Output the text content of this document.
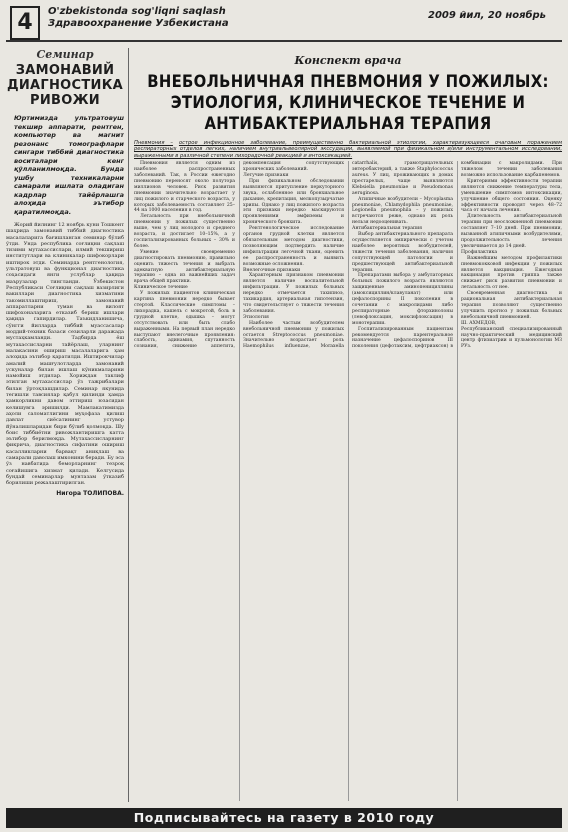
4	O'zbekistonda sog'liqni saqlash
Здравоохранение Узбекистана
2009 йил, 20 ноябрь
Семинар
ЗАМОНАВИЙ ДИАГНОСТИКА РИВОЖИ

Юртимизда ультратовуш текшир аппарати, рентген, компьютер ва магнит резонанс томографлари сингари тиббий диагностика воситалари кенг қўлланилмоқда. Бунда ушбу техникаларни самарали ишлата оладиган кадрлар тайёрлашга алоҳида эътибор қаратилмоқда.

Жорий йилнинг 12 ноябрь куни Тошкент шаҳрида замонавий тиббий диагностика масалаларига бағишланган семинар бўлиб ўтди. Унда республика соғлиқни сақлаш тизими мутахассислари, илмий текшириш институтлари ва клиникалар шифокорлари иштирок этди. Семинарда рентгенология, ультратовуш ва функционал диагностика соҳасидаги янги услублар ҳақида маърузалар тингланди. Ўзбекистон Республикаси Соғлиқни сақлаш вазирлиги вакиллари диагностика хизматини такомиллаштириш, замонавий аппаратларни туман ва вилоят шифохоналарига етказиб бериш ишлари ҳақида гапирдилар. Таъкидланишича, сўнгги йилларда тиббий муассасалар моддий-техник базаси сезиларли даражада мустаҳкамланди. Тадбирда ёш мутахассисларни тайёрлаш, уларнинг малакасини ошириш масалаларига ҳам алоҳида эътибор қаратилди. Иштирокчилар амалий машғулотларда замонавий ускуналар билан ишлаш кўникмаларини намойиш этдилар. Хориждан таклиф этилган мутахассислар ўз тажрибалари билан ўртоқлашдилар. Семинар якунида тегишли тавсиялар қабул қилинди ҳамда ҳамкорликни давом эттириш юзасидан келишувга эришилди. Мамлакатимизда аҳоли саломатлигини муҳофаза қилиш давлат сиёсатининг устувор йўналишларидан бири бўлиб қолмоқда. Шу боис тиббиётни ривожлантиришга катта эътибор берилмоқда. Мутахассисларнинг фикрича, диагностика сифатини ошириш касалликларни барвақт аниқлаш ва самарали даволаш имконини беради. Бу эса ўз навбатида беморларнинг тезроқ соғайишига хизмат қилади. Келгусида бундай семинарлар мунтазам ўтказиб борилиши режалаштирилган.

Нигора ТОЛИПОВА.
Конспект врача
ВНЕБОЛЬНИЧНАЯ ПНЕВМОНИЯ У ПОЖИЛЫХ: ЭТИОЛОГИЯ, КЛИНИЧЕСКОЕ ТЕЧЕНИЕ И АНТИБАКТЕРИАЛЬНАЯ ТЕРАПИЯ

Пневмония – острое инфекционное заболевание, преимущественно бактериальной этиологии, характеризующееся очаговым поражением респираторных отделов легких, наличием внутриальвеолярной экссудации, выявляемой при физикальном и/или инструментальном исследовании, выраженными в различной степени лихорадочной реакцией и интоксикацией.

Пневмония является одним из наиболее распространенных заболеваний. Так, в России ежегодно пневмонию переносят около полутора миллионов человек. Риск развития пневмонии значительно возрастает у лиц пожилого и старческого возраста, у которых заболеваемость составляет 25–44 на 1000 населения в год.

Летальность при внебольничной пневмонии у пожилых существенно выше, чем у лиц молодого и среднего возраста, и достигает 10–15%, а у госпитализированных больных – 30% и более.

Умение своевременно диагностировать пневмонию, правильно оценить тяжесть течения и выбрать адекватную антибактериальную терапию – одна из важнейших задач врача общей практики.

Клиническое течение

У пожилых пациентов клиническая картина пневмонии нередко бывает стертой. Классические симптомы – лихорадка, кашель с мокротой, боль в грудной клетке, одышка – могут отсутствовать или быть слабо выраженными. На первый план нередко выступают внелегочные проявления: слабость, адинамия, спутанность сознания, снижение аппетита, декомпенсация сопутствующих хронических заболеваний.

Летучие признаки

При физикальном обследовании выявляются притупление перкуторного звука, ослабленное или бронхиальное дыхание, крепитация, мелкопузырчатые хрипы. Однако у лиц пожилого возраста эти признаки нередко маскируются проявлениями эмфиземы и хронического бронхита.

Рентгенологическое исследование органов грудной клетки является обязательным методом диагностики, позволяющим подтвердить наличие инфильтрации легочной ткани, оценить ее распространенность и выявить возможные осложнения.

Внелегочные признаки

Характерным признаком пневмонии является наличие воспалительной инфильтрации. У пожилых больных нередко отмечается тахипноэ, тахикардия, артериальная гипотензия, что свидетельствует о тяжести течения заболевания.

Этиология

Наиболее частым возбудителем внебольничной пневмонии у пожилых остается Streptococcus pneumoniae. Значительно возрастает роль Haemophilus influenzae, Moraxella catarrhalis, грамотрицательных энтеробактерий, а также Staphylococcus aureus. У лиц, проживающих в домах престарелых, чаще выявляются Klebsiella pneumoniae и Pseudomonas aeruginosa.

Атипичные возбудители – Mycoplasma pneumoniae, Chlamydophila pneumoniae, Legionella pneumophila – у пожилых встречаются реже, однако их роль нельзя недооценивать.

Антибактериальная терапия

Выбор антибактериального препарата осуществляется эмпирически с учетом наиболее вероятных возбудителей, тяжести течения заболевания, наличия сопутствующей патологии и предшествующей антибактериальной терапии.

Препаратами выбора у амбулаторных больных пожилого возраста являются защищенные аминопенициллины (амоксициллин/клавуланат) или цефалоспорины II поколения в сочетании с макролидами либо респираторные фторхинолоны (левофлоксацин, моксифлоксацин) в монотерапии.

Госпитализированным пациентам рекомендуется парентеральное назначение цефалоспоринов III поколения (цефотаксим, цефтриаксон) в комбинации с макролидами. При тяжелом течении заболевания возможно использование карбапенемов.

Критериями эффективности терапии являются снижение температуры тела, уменьшение симптомов интоксикации, улучшение общего состояния. Оценку эффективности проводят через 48–72 часа от начала лечения.

Длительность антибактериальной терапии при неосложненной пневмонии составляет 7–10 дней. При пневмонии, вызванной атипичными возбудителями, продолжительность лечения увеличивается до 14 дней.

Профилактика

Важнейшим методом профилактики пневмококковой инфекции у пожилых является вакцинация. Ежегодная вакцинация против гриппа также снижает риск развития пневмонии и летальность от нее.

Своевременная диагностика и рациональная антибактериальная терапия позволяют существенно улучшить прогноз у пожилых больных внебольничной пневмонией.

Ш. АХМЕДОВ,

Республиканский специализированный научно-практический медицинский центр фтизиатрии и пульмонологии МЗ РУз.

Подписывайтесь на газету в 2010 году
